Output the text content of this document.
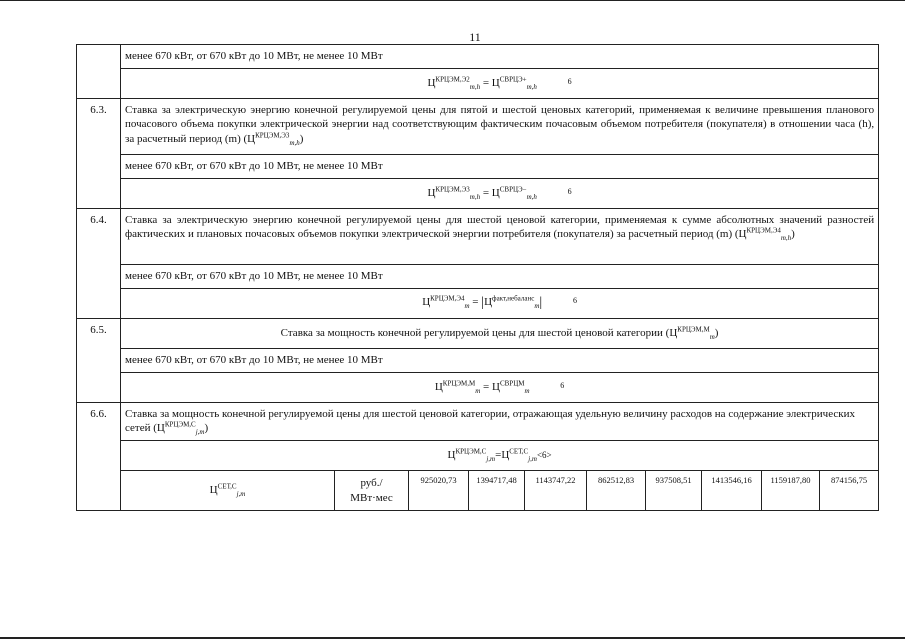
11
	менее 670 кВт, от 670 кВт до 10 МВт, не менее 10 МВт									
	$Ц^{КРЦЭМ,Э2}_{m,h} = Ц^{СВРЦЭ+}_{m,h}$ 6									
6.3.	Ставка за электрическую энергию конечной регулируемой цены для пятой и шестой ценовых категорий, применяемая к величине превышения планового почасового объема покупки электрической энергии над соответствующим фактическим почасовым объемом потребителя (покупателя) в отношении часа (h), за расчетный период (m) $(Ц^{КРЦЭМ,Э3}_{m,h})$									
	менее 670 кВт, от 670 кВт до 10 МВт, не менее 10 МВт									
	$Ц^{КРЦЭМ,Э3}_{m,h} = Ц^{СВРЦЭ-}_{m,h}$ 6									
6.4.	Ставка за электрическую энергию конечной регулируемой цены для шестой ценовой категории, применяемая к сумме абсолютных значений разностей фактических и плановых почасовых объемов покупки электрической энергии потребителя (покупателя) за расчетный период (m) $(Ц^{КРЦЭМ,Э4}_{m,h})$									
	менее 670 кВт, от 670 кВт до 10 МВт, не менее 10 МВт									
	$Ц^{КРЦЭМ,Э4}_m = |Ц^{факт,небаланс}_m|$ 6									
6.5.	Ставка за мощность конечной регулируемой цены для шестой ценовой категории $(Ц^{КРЦЭМ,М}_m)$									
	менее 670 кВт, от 670 кВт до 10 МВт, не менее 10 МВт									
	$Ц^{КРЦЭМ,М}_m = Ц^{СВРЦМ}_m$ 6									
6.6.	Ставка за мощность конечной регулируемой цены для шестой ценовой категории, отражающая удельную величину расходов на содержание электрических сетей $(Ц^{КРЦЭМ,С}_{j,m})$									
	$Ц^{КРЦЭМ,С}_{j,m}=Ц^{СЕТ,С}_{j,m}<6>$									
	$Ц^{СЕТ,С}_{j,m}$	руб./
МВт·мес	925020,73	1394717,48	1143747,22	862512,83	937508,51	1413546,16	1159187,80	874156,75
